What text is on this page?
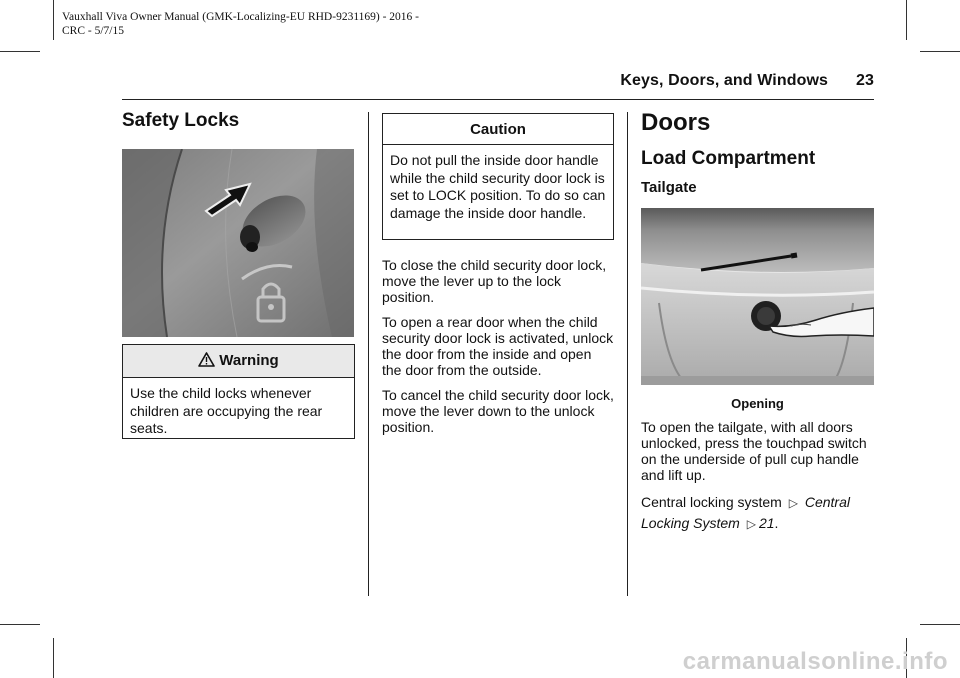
Vauxhall Viva Owner Manual (GMK-Localizing-EU RHD-9231169) - 2016 -
CRC - 5/7/15
Keys, Doors, and Windows 23
Safety Locks
Warning
Use the child locks whenever children are occupying the rear seats.
Caution
Do not pull the inside door handle while the child security door lock is set to LOCK position. To do so can damage the inside door handle.

To close the child security door lock, move the lever up to the lock position.

To open a rear door when the child security door lock is activated, unlock the door from the inside and open the door from the outside.

To cancel the child security door lock, move the lever down to the unlock position.

Doors
Load Compartment
Tailgate
Opening

To open the tailgate, with all doors unlocked, press the touchpad switch on the underside of pull cup handle and lift up.

Central locking system ▷ Central Locking System ▷ 21.

carmanualsonline.info
